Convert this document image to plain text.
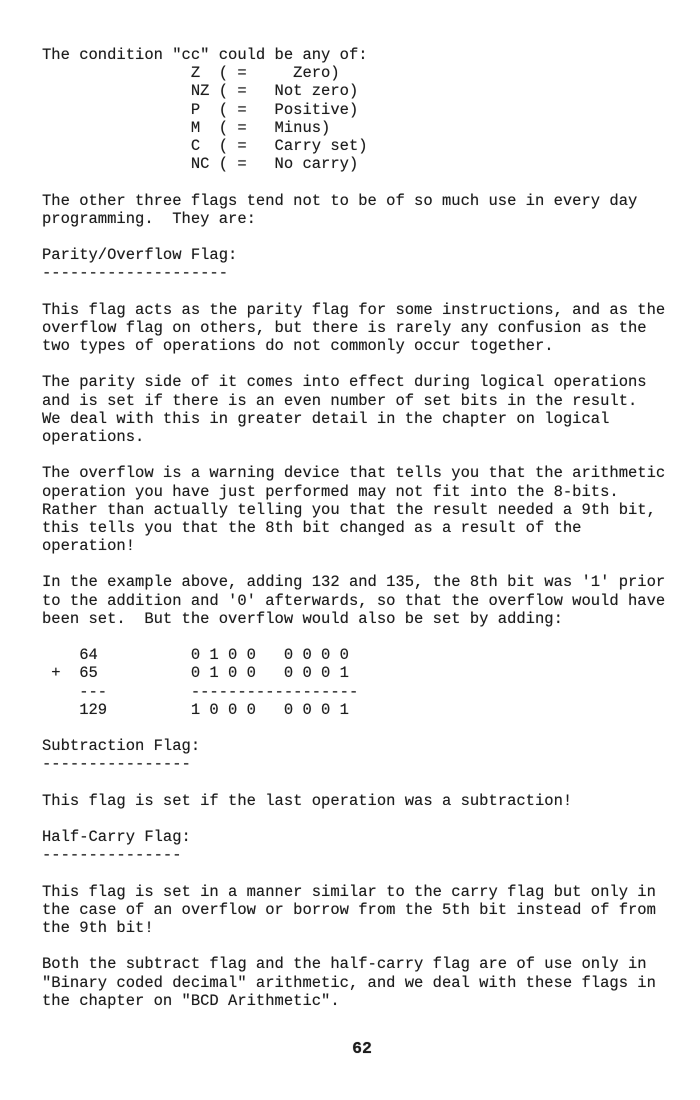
The condition "cc" could be any of:
Z  ( =     Zero)
NZ ( =   Not zero)
P  ( =   Positive)
M  ( =   Minus)
C  ( =   Carry set)
NC ( =   No carry)

The other three flags tend not to be of so much use in every day
programming.  They are:

Parity/Overflow Flag:
--------------------

This flag acts as the parity flag for some instructions, and as the
overflow flag on others, but there is rarely any confusion as the
two types of operations do not commonly occur together.

The parity side of it comes into effect during logical operations
and is set if there is an even number of set bits in the result.
We deal with this in greater detail in the chapter on logical
operations.

The overflow is a warning device that tells you that the arithmetic
operation you have just performed may not fit into the 8-bits.
Rather than actually telling you that the result needed a 9th bit,
this tells you that the 8th bit changed as a result of the
operation!

In the example above, adding 132 and 135, the 8th bit was '1' prior
to the addition and '0' afterwards, so that the overflow would have
been set.  But the overflow would also be set by adding:

64          0 1 0 0   0 0 0 0
+  65          0 1 0 0   0 0 0 1
---         ------------------
129         1 0 0 0   0 0 0 1

Subtraction Flag:
----------------

This flag is set if the last operation was a subtraction!

Half-Carry Flag:
---------------

This flag is set in a manner similar to the carry flag but only in
the case of an overflow or borrow from the 5th bit instead of from
the 9th bit!

Both the subtract flag and the half-carry flag are of use only in
"Binary coded decimal" arithmetic, and we deal with these flags in
the chapter on "BCD Arithmetic".
62
